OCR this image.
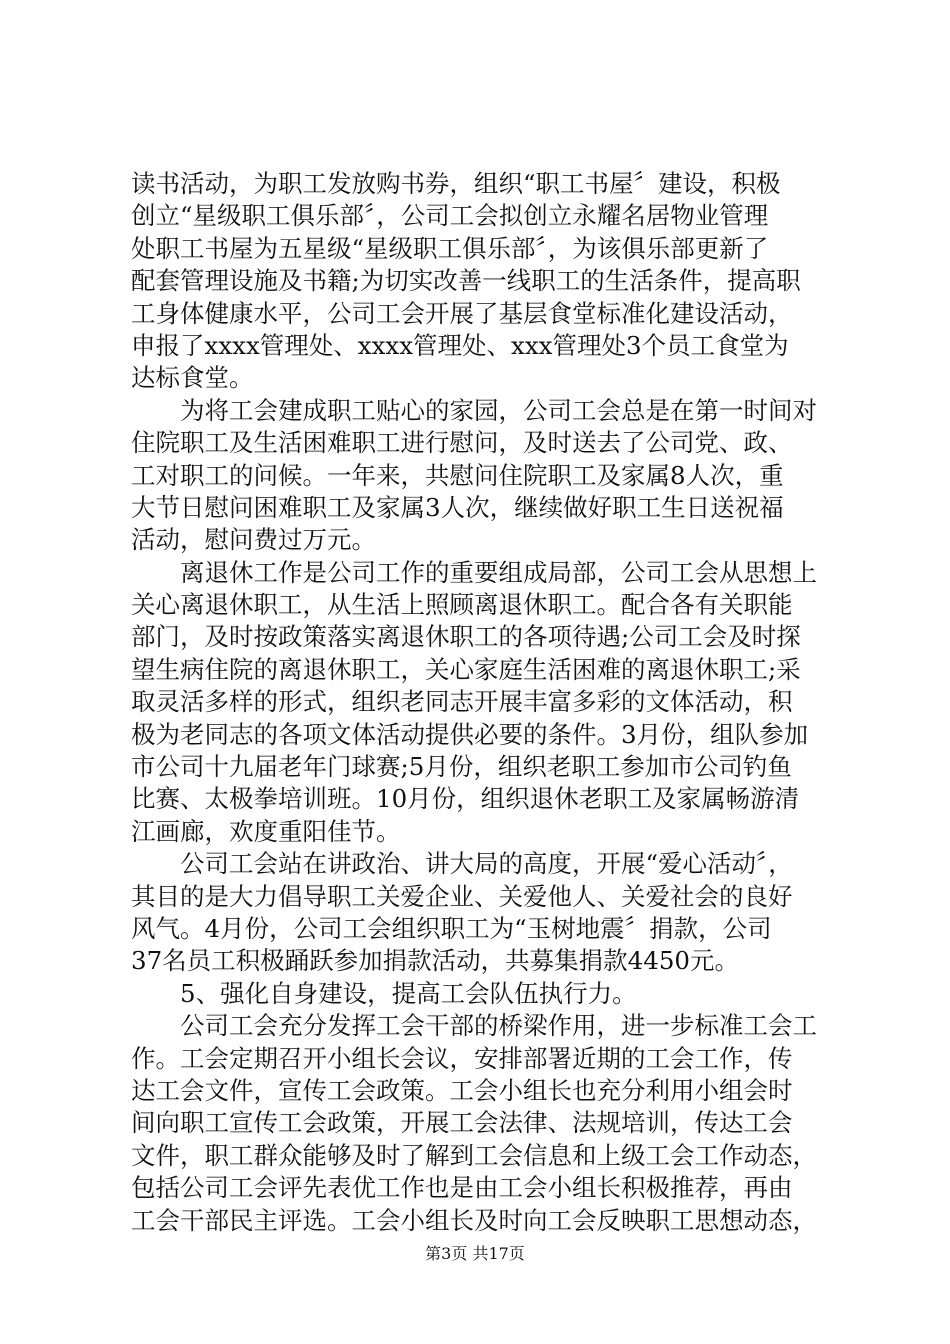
读书活动，为职工发放购书券，组织“职工书屋〞建设，积极
创立“星级职工俱乐部〞，公司工会拟创立永耀名居物业管理
处职工书屋为五星级“星级职工俱乐部〞，为该俱乐部更新了
配套管理设施及书籍;为切实改善一线职工的生活条件，提高职
工身体健康水平，公司工会开展了基层食堂标准化建设活动，
申报了xxxx管理处、xxxx管理处、xxx管理处3个员工食堂为
达标食堂。
　　为将工会建成职工贴心的家园，公司工会总是在第一时间对
住院职工及生活困难职工进行慰问，及时送去了公司党、政、
工对职工的问候。一年来，共慰问住院职工及家属8人次，重
大节日慰问困难职工及家属3人次，继续做好职工生日送祝福
活动，慰问费过万元。
　　离退休工作是公司工作的重要组成局部，公司工会从思想上
关心离退休职工，从生活上照顾离退休职工。配合各有关职能
部门，及时按政策落实离退休职工的各项待遇;公司工会及时探
望生病住院的离退休职工，关心家庭生活困难的离退休职工;采
取灵活多样的形式，组织老同志开展丰富多彩的文体活动，积
极为老同志的各项文体活动提供必要的条件。3月份，组队参加
市公司十九届老年门球赛;5月份，组织老职工参加市公司钓鱼
比赛、太极拳培训班。10月份，组织退休老职工及家属畅游清
江画廊，欢度重阳佳节。
　　公司工会站在讲政治、讲大局的高度，开展“爱心活动〞，
其目的是大力倡导职工关爱企业、关爱他人、关爱社会的良好
风气。4月份，公司工会组织职工为“玉树地震〞捐款，公司
37名员工积极踊跃参加捐款活动，共募集捐款4450元。
　　5、强化自身建设，提高工会队伍执行力。
　　公司工会充分发挥工会干部的桥梁作用，进一步标准工会工
作。工会定期召开小组长会议，安排部署近期的工会工作，传
达工会文件，宣传工会政策。工会小组长也充分利用小组会时
间向职工宣传工会政策，开展工会法律、法规培训，传达工会
文件，职工群众能够及时了解到工会信息和上级工会工作动态，
包括公司工会评先表优工作也是由工会小组长积极推荐，再由
工会干部民主评选。工会小组长及时向工会反映职工思想动态，
第3页 共17页
